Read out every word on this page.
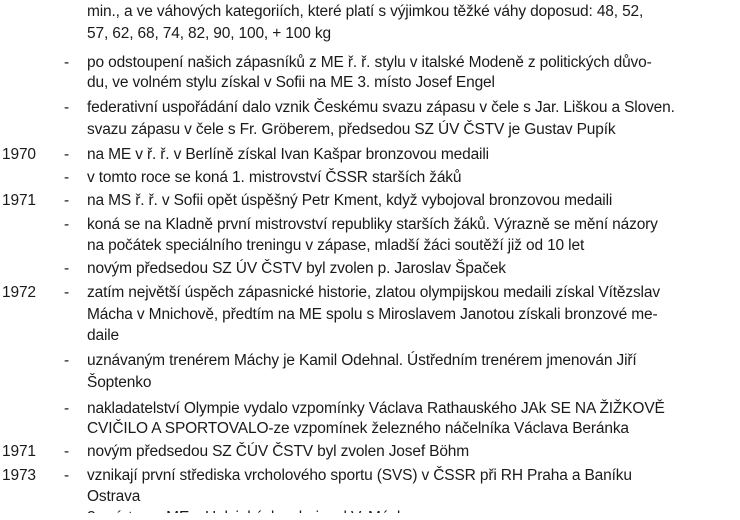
min., a ve váhových kategoriích, které platí s výjimkou těžké váhy doposud: 48, 52,
57, 62, 68, 74, 82, 90, 100, + 100 kg
-	po odstoupení našich zápasníků z ME ř. ř. stylu v italské Modeně z politických důvo-
du, ve volném stylu získal v Sofii na ME 3. místo Josef Engel
-	federativní uspořádání dalo vznik Českému svazu zápasu v čele s Jar. Liškou a Sloven.
svazu zápasu v čele s Fr. Gröberem, předsedou SZ ÚV ČSTV je Gustav Pupík
1970	-	na ME v ř. ř. v Berlíně získal Ivan Kašpar bronzovou medaili
-	v tomto roce se koná 1. mistrovství ČSSR starších žáků
1971	-	na MS ř. ř. v Sofii opět úspěšný Petr Kment, když vybojoval bronzovou medaili
-	koná se na Kladně první mistrovství republiky starších žáků. Výrazně se mění názory
na počátek speciálního treningu v zápase, mladší žáci soutěží již od 10 let
-	novým předsedou SZ ÚV ČSTV byl zvolen p. Jaroslav Špaček
1972	-	zatím největší úspěch zápasnické historie, zlatou olympijskou medaili získal Vítězslav
Mácha v Mnichově, předtím na ME spolu s Miroslavem Janotou získali bronzové me-
daile
-	uznávaným trenérem Máchy je Kamil Odehnal. Ústředním trenérem jmenován Jiří
Šoptenko
-	nakladatelství Olympie vydalo vzpomínky Václava Rathauského JAk SE NA ŽIŽKOVĚ
CVIČILO A SPORTOVALO-ze vzpomínek železného náčelníka Václava Beránka
1971	-	novým předsedou SZ ČÚV ČSTV byl zvolen Josef Böhm
1973	-	vznikají první střediska vrcholového sportu (SVS) v ČSSR při RH Praha a Baníku
Ostrava
